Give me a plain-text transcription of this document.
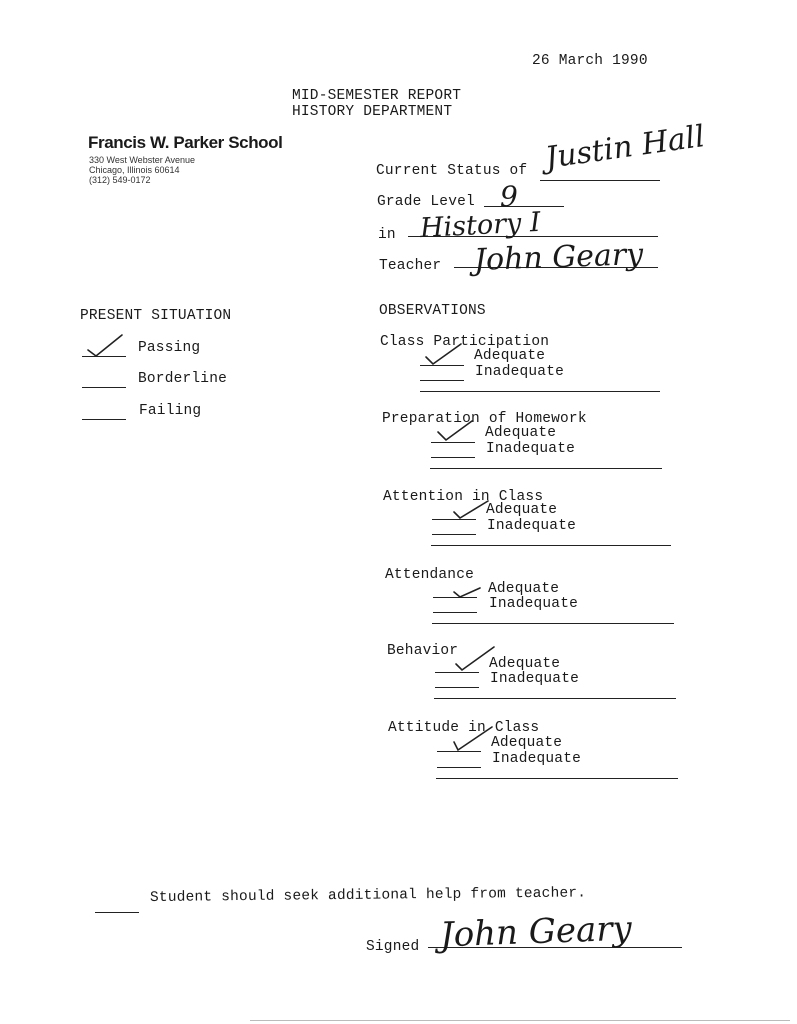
26 March 1990
MID-SEMESTER REPORT
HISTORY DEPARTMENT
Francis W. Parker School
330 West Webster Avenue
Chicago, Illinois 60614
(312) 549-0172
Current Status of Justin Hall
Grade Level 9
in History I
Teacher John Geary
PRESENT SITUATION
Passing
Borderline
Failing
OBSERVATIONS
Class Participation
Adequate
Inadequate
Preparation of Homework
Adequate
Inadequate
Attention in Class
Adequate
Inadequate
Attendance
Adequate
Inadequate
Behavior
Adequate
Inadequate
Attitude in Class
Adequate
Inadequate
Student should seek additional help from teacher.
Signed John Geary
